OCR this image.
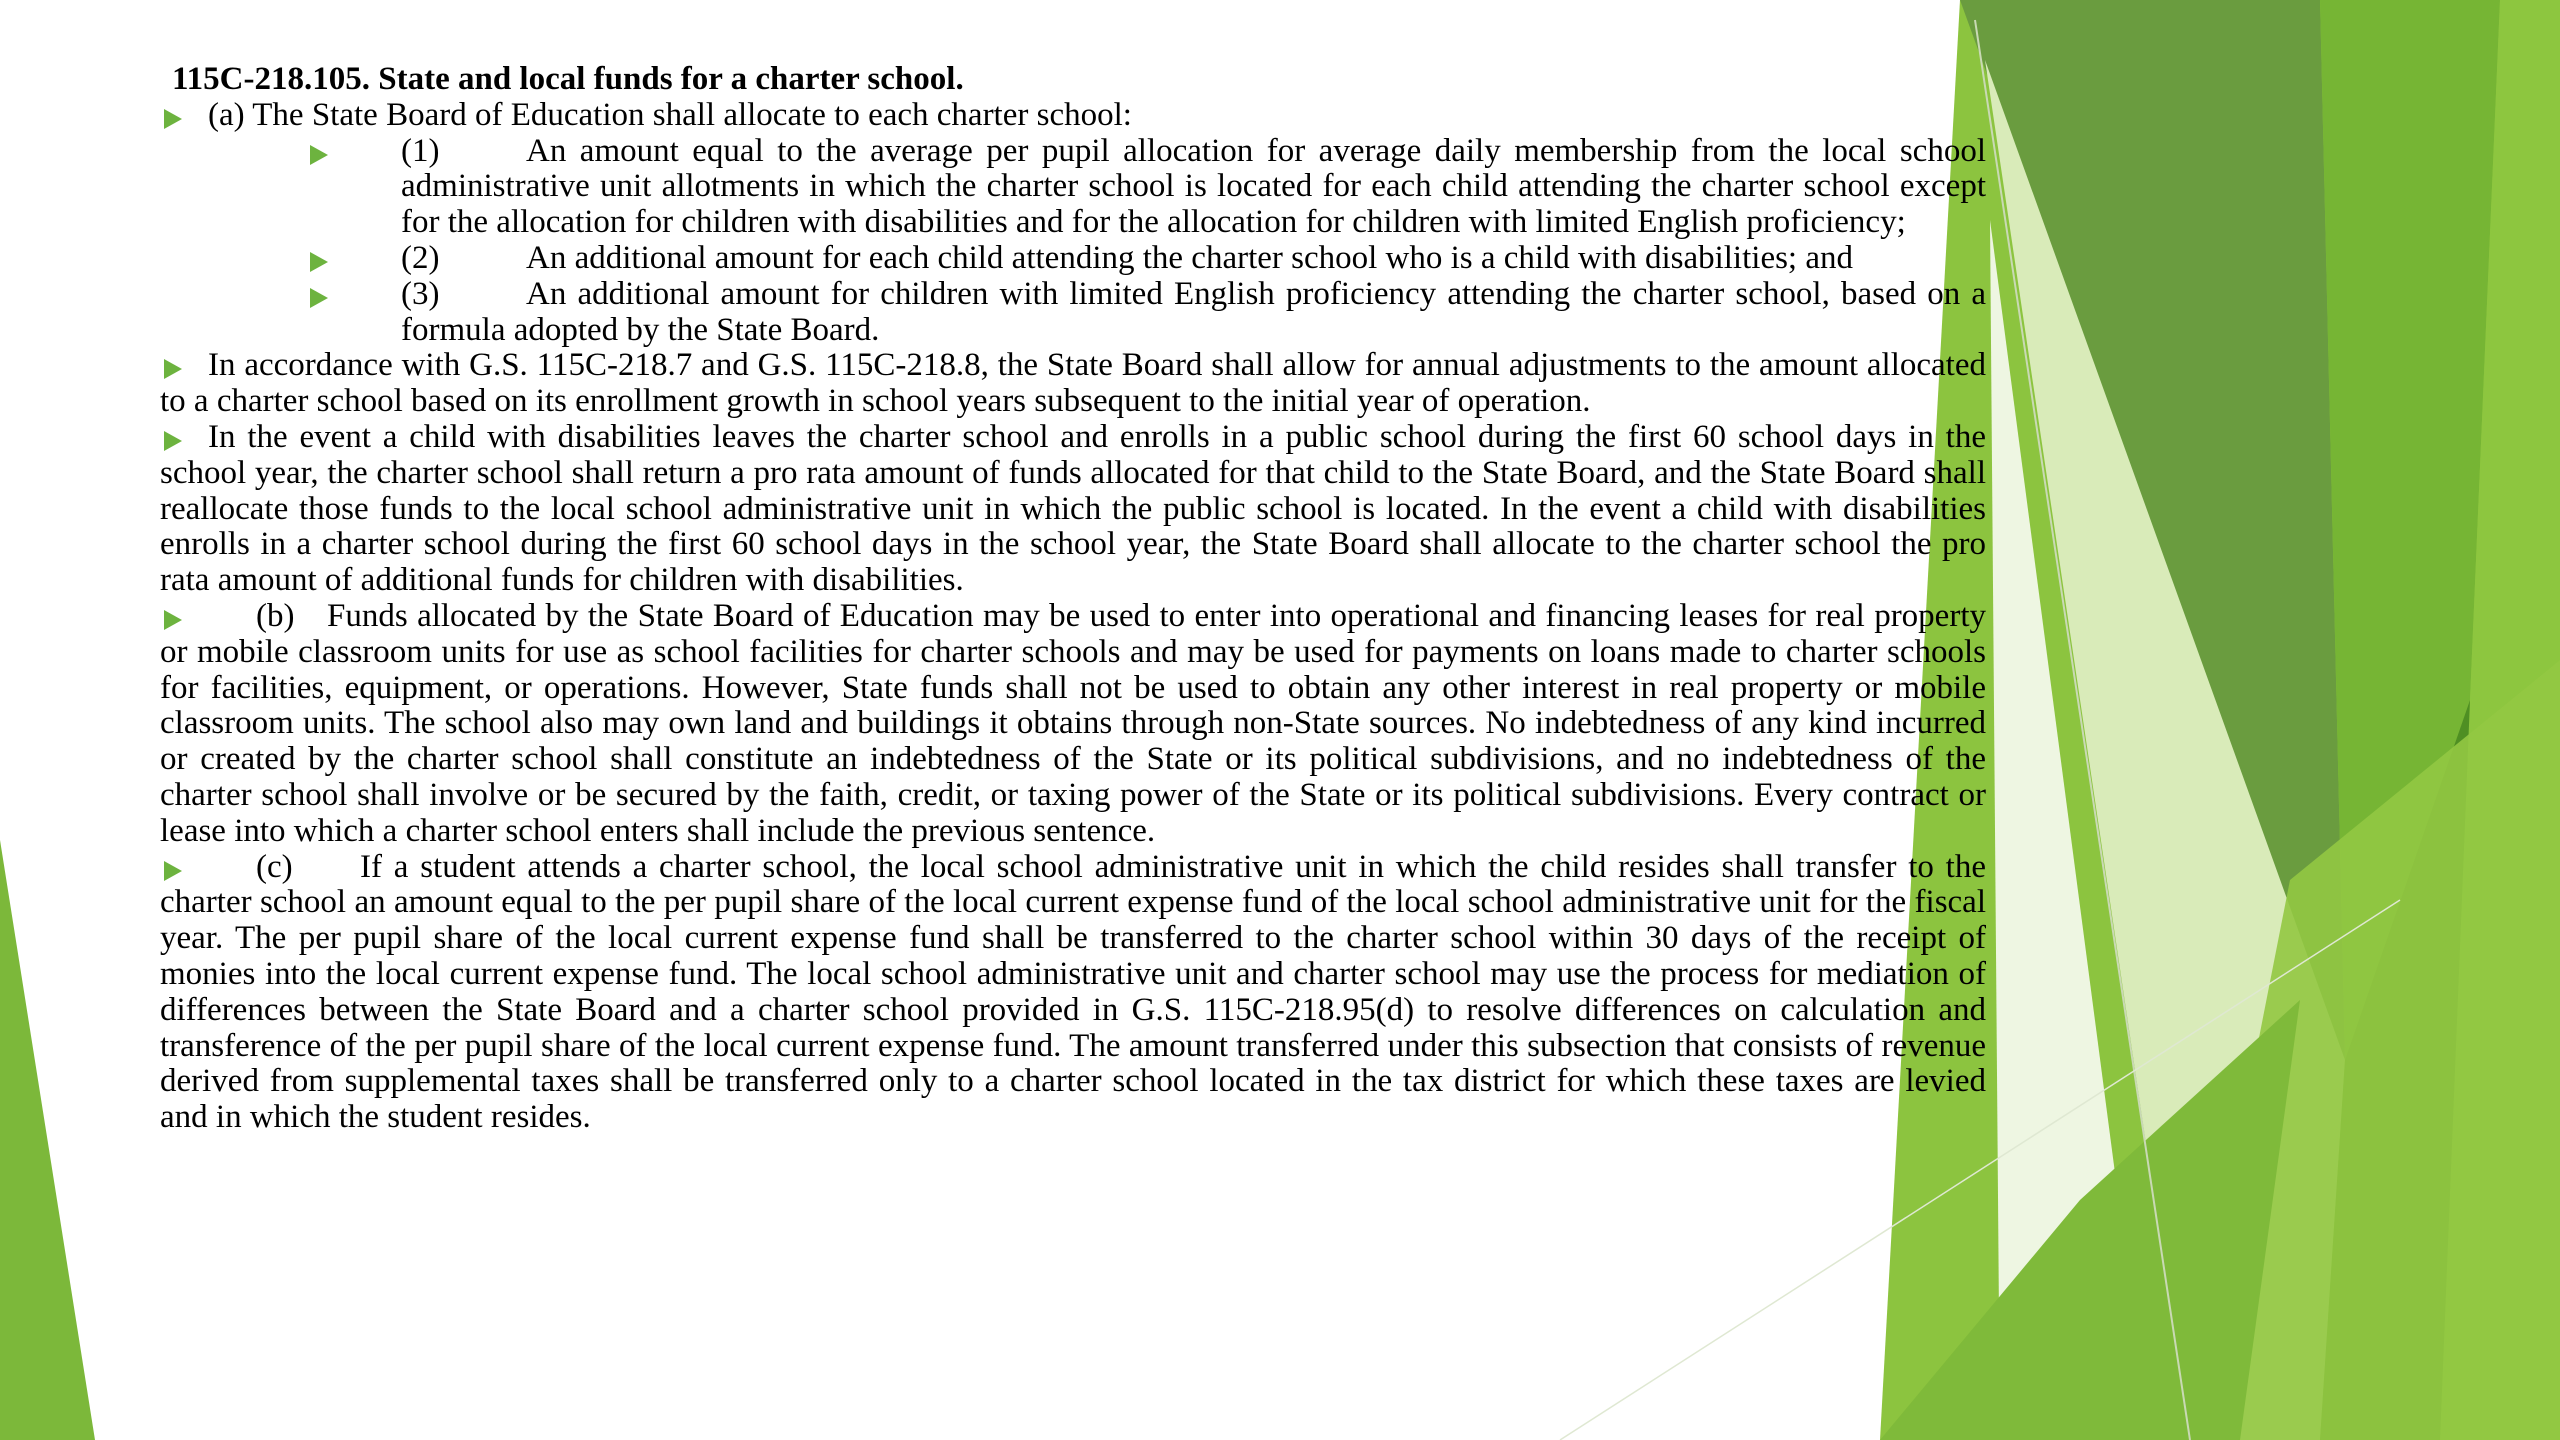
115C-218.105. State and local funds for a charter school.

(a) The State Board of Education shall allocate to each charter school:

(1)	An amount equal to the average per pupil allocation for average daily membership from the local school administrative unit allotments in which the charter school is located for each child attending the charter school except for the allocation for children with disabilities and for the allocation for children with limited English proficiency;

(2)	An additional amount for each child attending the charter school who is a child with disabilities; and

(3)	An additional amount for children with limited English proficiency attending the charter school, based on a formula adopted by the State Board.

In accordance with G.S. 115C-218.7 and G.S. 115C-218.8, the State Board shall allow for annual adjustments to the amount allocated to a charter school based on its enrollment growth in school years subsequent to the initial year of operation.

In the event a child with disabilities leaves the charter school and enrolls in a public school during the first 60 school days in the school year, the charter school shall return a pro rata amount of funds allocated for that child to the State Board, and the State Board shall reallocate those funds to the local school administrative unit in which the public school is located. In the event a child with disabilities enrolls in a charter school during the first 60 school days in the school year, the State Board shall allocate to the charter school the pro rata amount of additional funds for children with disabilities.

(b) Funds allocated by the State Board of Education may be used to enter into operational and financing leases for real property or mobile classroom units for use as school facilities for charter schools and may be used for payments on loans made to charter schools for facilities, equipment, or operations. However, State funds shall not be used to obtain any other interest in real property or mobile classroom units. The school also may own land and buildings it obtains through non-State sources. No indebtedness of any kind incurred or created by the charter school shall constitute an indebtedness of the State or its political subdivisions, and no indebtedness of the charter school shall involve or be secured by the faith, credit, or taxing power of the State or its political subdivisions. Every contract or lease into which a charter school enters shall include the previous sentence.

(c) If a student attends a charter school, the local school administrative unit in which the child resides shall transfer to the charter school an amount equal to the per pupil share of the local current expense fund of the local school administrative unit for the fiscal year. The per pupil share of the local current expense fund shall be transferred to the charter school within 30 days of the receipt of monies into the local current expense fund. The local school administrative unit and charter school may use the process for mediation of differences between the State Board and a charter school provided in G.S. 115C-218.95(d) to resolve differences on calculation and transference of the per pupil share of the local current expense fund. The amount transferred under this subsection that consists of revenue derived from supplemental taxes shall be transferred only to a charter school located in the tax district for which these taxes are levied and in which the student resides.
